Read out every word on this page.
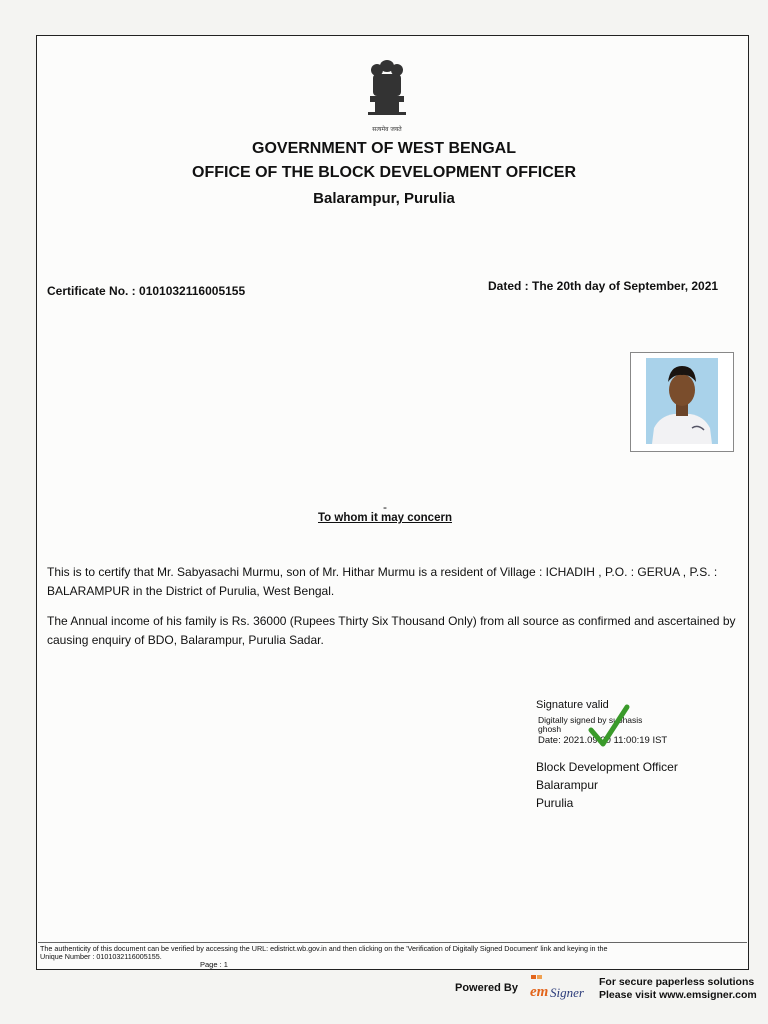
सत्यमेव जयते
GOVERNMENT OF WEST BENGAL
OFFICE OF THE BLOCK DEVELOPMENT OFFICER
Balarampur, Purulia
Certificate No. : 0101032116005155	Dated : The 20th day of September, 2021
-
To whom it may concern
This is to certify that Mr. Sabyasachi Murmu, son of Mr. Hithar Murmu is a resident of Village : ICHADIH , P.O. : GERUA , P.S. : BALARAMPUR in the District of Purulia, West Bengal.
The Annual income of his family is Rs. 36000 (Rupees Thirty Six Thousand Only) from all source as confirmed and ascertained by causing enquiry of BDO, Balarampur, Purulia Sadar.
Signature valid
Digitally signed by subhasis
ghosh
Date: 2021.09.20 11:00:19 IST
Block Development Officer
Balarampur
Purulia
The authenticity of this document can be verified by accessing the URL: edistrict.wb.gov.in and then clicking on the 'Verification of Digitally Signed Document' link and keying in the
Unique Number : 0101032116005155.
Page : 1
Powered By em Signer
For secure paperless solutions
Please visit www.emsigner.com
